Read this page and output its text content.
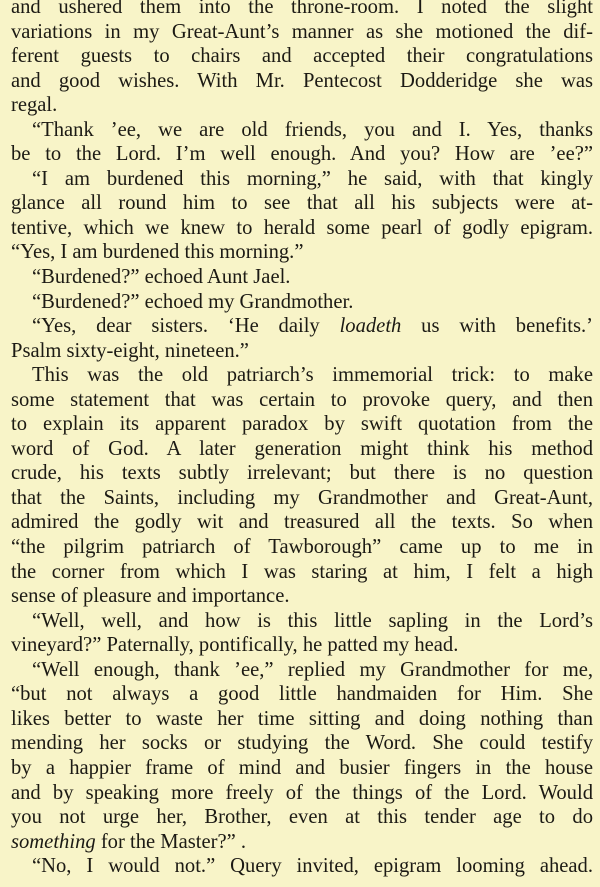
and ushered them into the throne-room. I noted the slight
variations in my Great-Aunt’s manner as she motioned the dif-
ferent guests to chairs and accepted their congratulations
and good wishes. With Mr. Pentecost Dodderidge she was
regal.
“Thank ’ee, we are old friends, you and I. Yes, thanks
be to the Lord. I’m well enough. And you? How are ’ee?”
“I am burdened this morning,” he said, with that kingly
glance all round him to see that all his subjects were at-
tentive, which we knew to herald some pearl of godly epigram.
“Yes, I am burdened this morning.”
“Burdened?” echoed Aunt Jael.
“Burdened?” echoed my Grandmother.
“Yes, dear sisters. ‘He daily loadeth us with benefits.’
Psalm sixty-eight, nineteen.”
This was the old patriarch’s immemorial trick: to make
some statement that was certain to provoke query, and then
to explain its apparent paradox by swift quotation from the
word of God. A later generation might think his method
crude, his texts subtly irrelevant; but there is no question
that the Saints, including my Grandmother and Great-Aunt,
admired the godly wit and treasured all the texts. So when
“the pilgrim patriarch of Tawborough” came up to me in
the corner from which I was staring at him, I felt a high
sense of pleasure and importance.
“Well, well, and how is this little sapling in the Lord’s
vineyard?” Paternally, pontifically, he patted my head.
“Well enough, thank ’ee,” replied my Grandmother for me,
“but not always a good little handmaiden for Him. She
likes better to waste her time sitting and doing nothing than
mending her socks or studying the Word. She could testify
by a happier frame of mind and busier fingers in the house
and by speaking more freely of the things of the Lord. Would
you not urge her, Brother, even at this tender age to do
something for the Master?” .
“No, I would not.” Query invited, epigram looming ahead.
